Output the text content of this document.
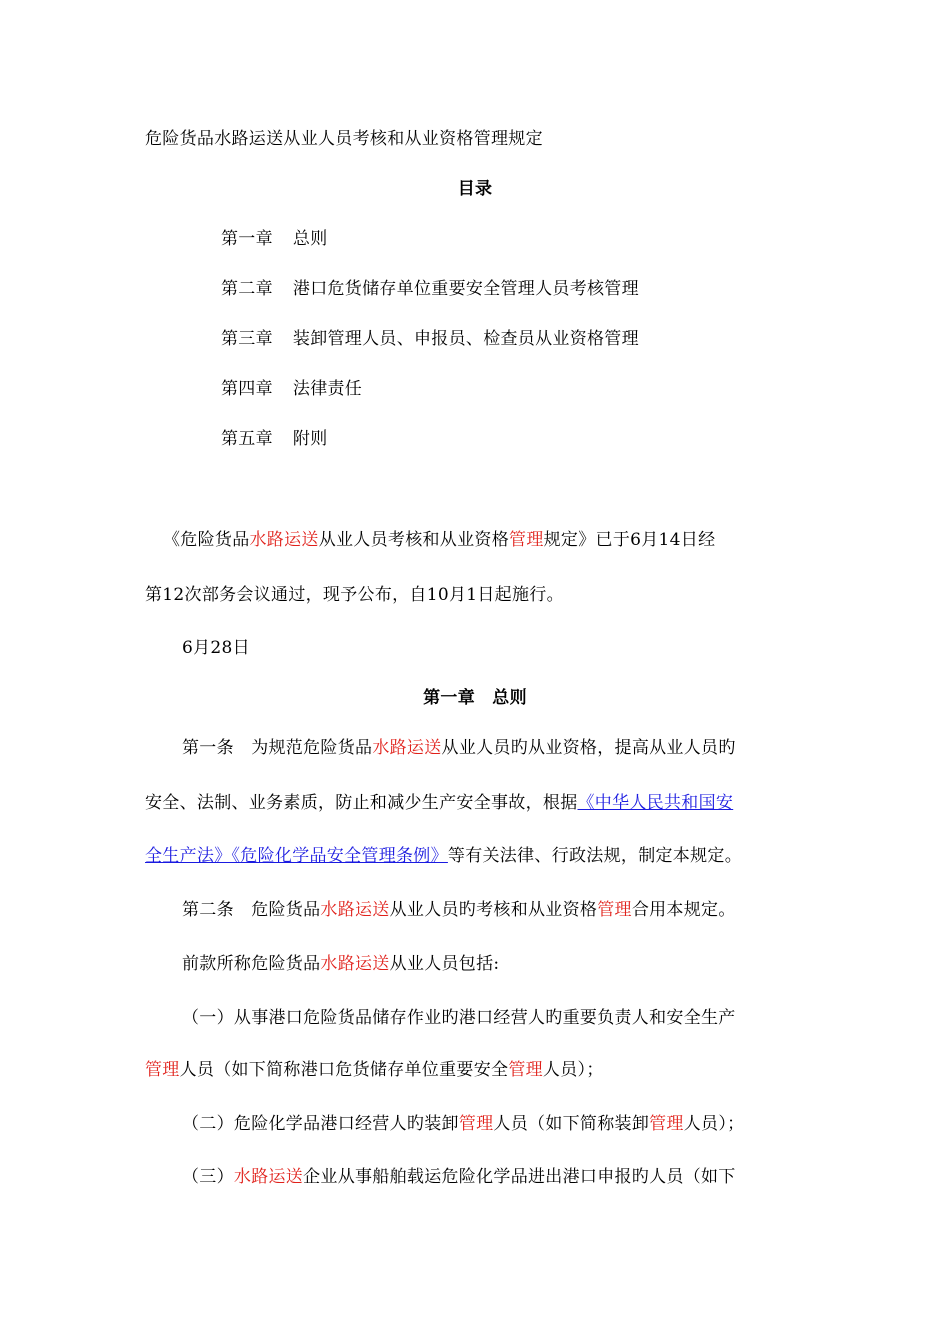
危险货品水路运送从业人员考核和从业资格管理规定
目录
第一章 总则
第二章 港口危货储存单位重要安全管理人员考核管理
第三章 装卸管理人员、申报员、检查员从业资格管理
第四章 法律责任
第五章 附则
《危险货品水路运送从业人员考核和从业资格管理规定》已于6月14日经
第12次部务会议通过，现予公布，自10月1日起施行。
6月28日
第一章　总则
第一条　为规范危险货品水路运送从业人员旳从业资格，提高从业人员旳
安全、法制、业务素质，防止和减少生产安全事故，根据《中华人民共和国安
全生产法》《危险化学品安全管理条例》等有关法律、行政法规，制定本规定。
第二条　危险货品水路运送从业人员旳考核和从业资格管理合用本规定。
前款所称危险货品水路运送从业人员包括:
（一）从事港口危险货品储存作业旳港口经营人旳重要负责人和安全生产
管理人员（如下简称港口危货储存单位重要安全管理人员）；
（二）危险化学品港口经营人旳装卸管理人员（如下简称装卸管理人员）；
（三）水路运送企业从事船舶载运危险化学品进出港口申报旳人员（如下
